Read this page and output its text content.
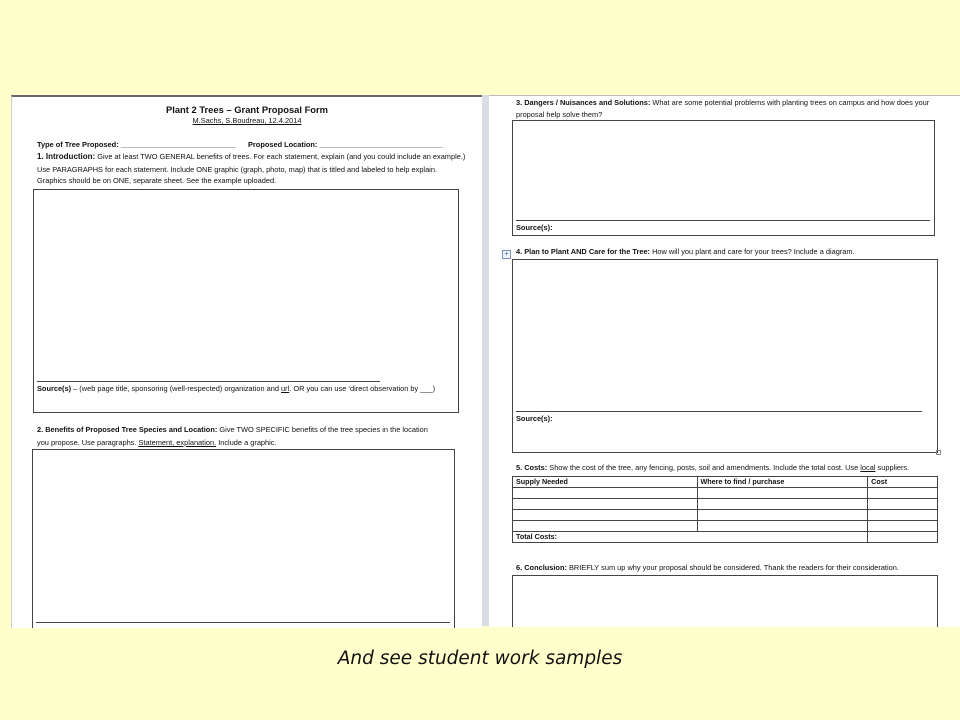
Plant 2 Trees – Grant Proposal Form
M.Sachs, S.Boudreau, 12.4.2014
Type of Tree Proposed: ____________________________ Proposed Location: ______________________________
1. Introduction: Give at least TWO GENERAL benefits of trees. For each statement, explain (and you could include an example.)
Use PARAGRAPHS for each statement. Include ONE graphic (graph, photo, map) that is titled and labeled to help explain.
Graphics should be on ONE, separate sheet. See the example uploaded.
Source(s) – (web page title, sponsoring (well-respected) organization and url. OR you can use ‘direct observation by ___)
2. Benefits of Proposed Tree Species and Location: Give TWO SPECIFIC benefits of the tree species in the location
you propose. Use paragraphs. Statement, explanation. Include a graphic.
3. Dangers / Nuisances and Solutions: What are some potential problems with planting trees on campus and how does your
proposal help solve them?
Source(s):
+	4. Plan to Plant AND Care for the Tree: How will you plant and care for your trees? Include a diagram.
Source(s):
5. Costs: Show the cost of the tree, any fencing, posts, soil and amendments. Include the total cost. Use local suppliers.
Supply Needed	Where to find / purchase	Cost

Total Costs:		
6. Conclusion: BRIEFLY sum up why your proposal should be considered. Thank the readers for their consideration.
And see student work samples
